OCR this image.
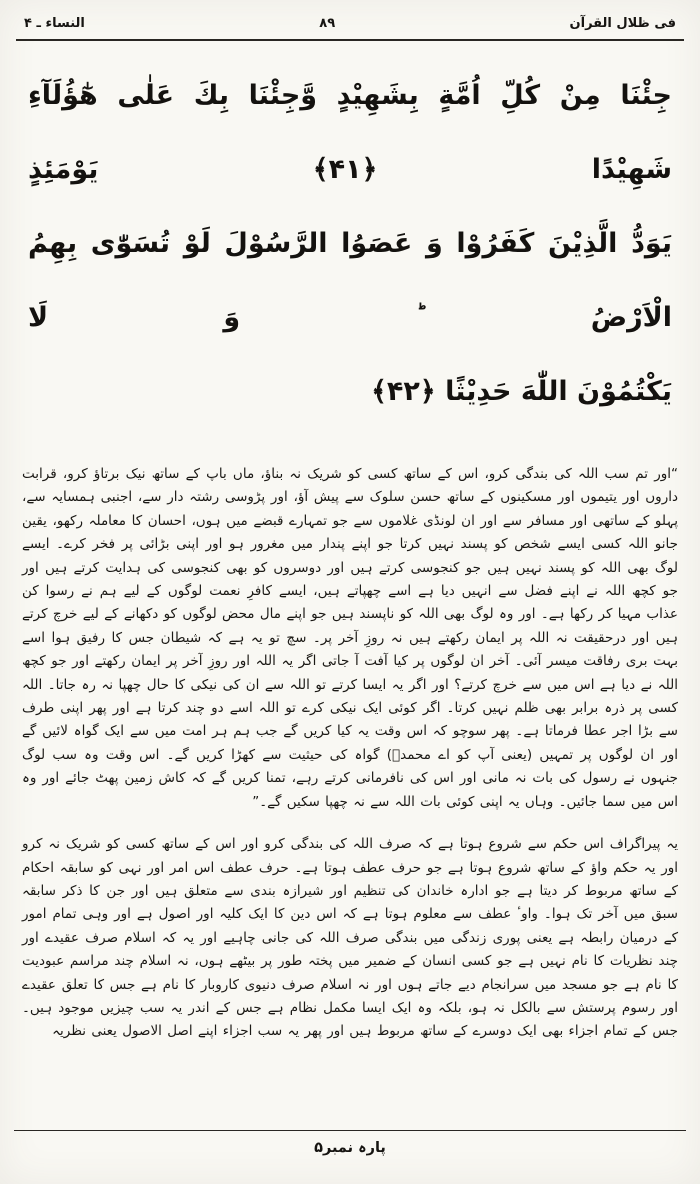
فی ظلال القرآن
۸۹
النساء ـ ۴
جِئْنَا مِنْ كُلِّ اُمَّةٍ بِشَهِيْدٍ وَّجِئْنَا بِكَ عَلٰى هٰٓؤُلَآءِ شَهِيْدًا ﴿۴۱﴾ يَوْمَئِذٍ
يَوَدُّ الَّذِيْنَ كَفَرُوْا وَ عَصَوُا الرَّسُوْلَ لَوْ تُسَوّٰى بِهِمُ الْاَرْضُ ؕ وَ لَا
يَكْتُمُوْنَ اللّٰهَ حَدِيْثًا ﴿۴۲﴾

“اور تم سب اللہ کی بندگی کرو، اس کے ساتھ کسی کو شریک نہ بناؤ، ماں باپ کے ساتھ نیک برتاؤ کرو، قرابت داروں اور یتیموں اور مسکینوں کے ساتھ حسن سلوک سے پیش آؤ، اور پڑوسی رشتہ دار سے، اجنبی ہمسایہ سے، پہلو کے ساتھی اور مسافر سے اور ان لونڈی غلاموں سے جو تمہارے قبضے میں ہوں، احسان کا معاملہ رکھو، یقین جانو اللہ کسی ایسے شخص کو پسند نہیں کرتا جو اپنے پندار میں مغرور ہو اور اپنی بڑائی پر فخر کرے۔ ایسے لوگ بھی اللہ کو پسند نہیں ہیں جو کنجوسی کرتے ہیں اور دوسروں کو بھی کنجوسی کی ہدایت کرتے ہیں اور جو کچھ اللہ نے اپنے فضل سے انہیں دیا ہے اسے چھپاتے ہیں، ایسے کافرِ نعمت لوگوں کے لیے ہم نے رسوا کن عذاب مہیا کر رکھا ہے۔ اور وہ لوگ بھی اللہ کو ناپسند ہیں جو اپنے مال محض لوگوں کو دکھانے کے لیے خرچ کرتے ہیں اور درحقیقت نہ اللہ پر ایمان رکھتے ہیں نہ روزِ آخر پر۔ سچ تو یہ ہے کہ شیطان جس کا رفیق ہوا اسے بہت بری رفاقت میسر آئی۔ آخر ان لوگوں پر کیا آفت آ جاتی اگر یہ اللہ اور روزِ آخر پر ایمان رکھتے اور جو کچھ اللہ نے دیا ہے اس میں سے خرچ کرتے؟ اور اگر یہ ایسا کرتے تو اللہ سے ان کی نیکی کا حال چھپا نہ رہ جاتا۔ اللہ کسی پر ذرہ برابر بھی ظلم نہیں کرتا۔ اگر کوئی ایک نیکی کرے تو اللہ اسے دو چند کرتا ہے اور پھر اپنی طرف سے بڑا اجر عطا فرماتا ہے۔ پھر سوچو کہ اس وقت یہ کیا کریں گے جب ہم ہر امت میں سے ایک گواہ لائیں گے اور ان لوگوں پر تمہیں (یعنی آپ کو اے محمدؐ) گواہ کی حیثیت سے کھڑا کریں گے۔ اس وقت وہ سب لوگ جنہوں نے رسول کی بات نہ مانی اور اس کی نافرمانی کرتے رہے، تمنا کریں گے کہ کاش زمین پھٹ جائے اور وہ اس میں سما جائیں۔ وہاں یہ اپنی کوئی بات اللہ سے نہ چھپا سکیں گے۔”

یہ پیراگراف اس حکم سے شروع ہوتا ہے کہ صرف اللہ کی بندگی کرو اور اس کے ساتھ کسی کو شریک نہ کرو اور یہ حکم واؤ کے ساتھ شروع ہوتا ہے جو حرف عطف ہوتا ہے۔ حرف عطف اس امر اور نہی کو سابقہ احکام کے ساتھ مربوط کر دیتا ہے جو ادارہ خاندان کی تنظیم اور شیرازہ بندی سے متعلق ہیں اور جن کا ذکر سابقہ سبق میں آخر تک ہوا۔ واوٴ عطف سے معلوم ہوتا ہے کہ اس دین کا ایک کلیہ اور اصول ہے اور وہی تمام امور کے درمیان رابطہ ہے یعنی پوری زندگی میں بندگی صرف اللہ کی جانی چاہیے اور یہ کہ اسلام صرف عقیدے اور چند نظریات کا نام نہیں ہے جو کسی انسان کے ضمیر میں پختہ طور پر بیٹھے ہوں، نہ اسلام چند مراسم عبودیت کا نام ہے جو مسجد میں سرانجام دیے جاتے ہوں اور نہ اسلام صرف دنیوی کاروبار کا نام ہے جس کا تعلق عقیدے اور رسوم پرستش سے بالکل نہ ہو، بلکہ وہ ایک ایسا مکمل نظام ہے جس کے اندر یہ سب چیزیں موجود ہیں۔ جس کے تمام اجزاء بھی ایک دوسرے کے ساتھ مربوط ہیں اور پھر یہ سب اجزاء اپنے اصل الاصول یعنی نظریہ

پارہ نمبر۵
